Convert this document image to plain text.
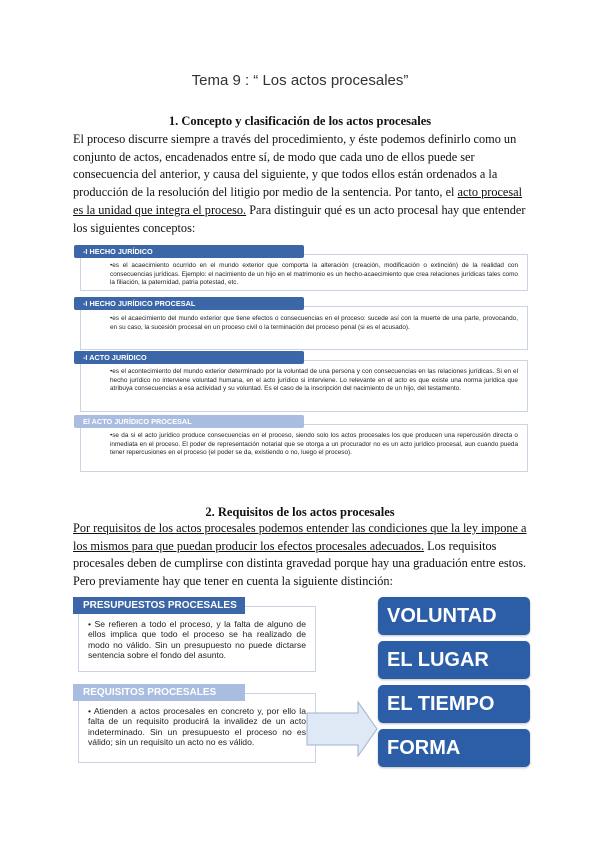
Tema 9 : “ Los actos procesales”
1. Concepto y clasificación de los actos procesales
El proceso discurre siempre a través del procedimiento, y éste podemos definirlo como un conjunto de actos, encadenados entre sí, de modo que cada uno de ellos puede ser consecuencia del anterior, y causa del siguiente, y que todos ellos están ordenados a la producción de la resolución del litigio por medio de la sentencia. Por tanto, el acto procesal es la unidad que integra el proceso. Para distinguir qué es un acto procesal hay que entender los siguientes conceptos:
-I HECHO JURÍDICO
•es el acaecimiento ocurrido en el mundo exterior que comporta la alteración (creación, modificación o extinción) de la realidad con consecuencias jurídicas. Ejemplo: el nacimiento de un hijo en el matrimonio es un hecho-acaecimiento que crea relaciones jurídicas tales como la filiación, la paternidad, patria potestad, etc.
-I HECHO JURÍDICO PROCESAL
•es el acaecimiento del mundo exterior que tiene efectos o consecuencias en el proceso: sucede así con la muerte de una parte, provocando, en su caso, la sucesión procesal en un proceso civil o la terminación del proceso penal (si es el acusado).
-I ACTO JURÍDICO
•es el acontecimiento del mundo exterior determinado por la voluntad de una persona y con consecuencias en las relaciones jurídicas. Si en el hecho jurídico no interviene voluntad humana, en el acto jurídico si interviene. Lo relevante en el acto es que existe una norma jurídica que atribuya consecuencias a esa actividad y su voluntad. Es el caso de la inscripción del nacimiento de un hijo, del testamento.
El ACTO JURÍDICO PROCESAL
•se da si el acto jurídico produce consecuencias en el proceso, siendo solo los actos procesales los que producen una repercusión directa o inmediata en el proceso. El poder de representación notarial que se otorga a un procurador no es un acto jurídico procesal, aun cuando pueda tener repercusiones en el proceso (el poder se da, existiendo o no, luego el proceso).
2. Requisitos de los actos procesales
Por requisitos de los actos procesales podemos entender las condiciones que la ley impone a los mismos para que puedan producir los efectos procesales adecuados. Los requisitos procesales deben de cumplirse con distinta gravedad porque hay una graduación entre estos. Pero previamente hay que tener en cuenta la siguiente distinción:
PRESUPUESTOS PROCESALES
• Se refieren a todo el proceso, y la falta de alguno de ellos implica que todo el proceso se ha realizado de modo no válido. Sin un presupuesto no puede dictarse sentencia sobre el fondo del asunto.
REQUISITOS PROCESALES
• Atienden a actos procesales en concreto y, por ello la falta de un requisito producirá la invalidez de un acto indeterminado. Sin un presupuesto el proceso no es válido; sin un requisito un acto no es válido.
VOLUNTAD
EL LUGAR
EL TIEMPO
FORMA
